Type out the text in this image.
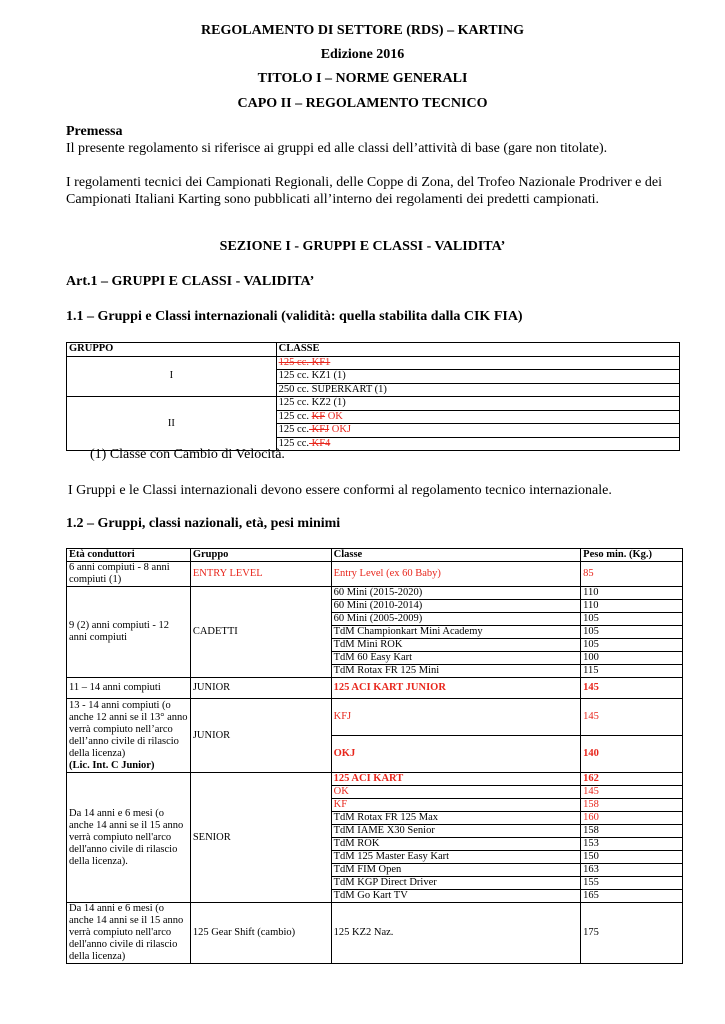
REGOLAMENTO DI SETTORE (RDS) – KARTING
Edizione 2016
TITOLO I – NORME GENERALI
CAPO II – REGOLAMENTO TECNICO
Premessa
Il presente regolamento si riferisce ai gruppi ed alle classi dell’attività di base (gare non titolate).
I regolamenti tecnici dei Campionati Regionali, delle Coppe di Zona, del Trofeo Nazionale Prodriver e dei
Campionati Italiani Karting sono pubblicati all’interno dei regolamenti dei predetti campionati.
SEZIONE I - GRUPPI E CLASSI - VALIDITA’
Art.1 – GRUPPI E CLASSI - VALIDITA’
1.1 – Gruppi e Classi internazionali (validità: quella stabilita dalla CIK FIA)
GRUPPO	CLASSE
I	125 cc. KF1
	125 cc. KZ1 (1)
	250 cc. SUPERKART (1)
II	125 cc. KZ2 (1)
	125 cc. KF OK
	125 cc. KFJ OKJ
	125 cc. KF4
(1) Classe con Cambio di Velocità.
I Gruppi e le Classi internazionali devono essere conformi al regolamento tecnico internazionale.
1.2 – Gruppi, classi nazionali, età, pesi minimi
Età conduttori	Gruppo	Classe	Peso min. (Kg.)
6 anni compiuti - 8 anni compiuti (1)	ENTRY LEVEL	Entry Level (ex 60 Baby)	85
9 (2) anni compiuti - 12 anni compiuti	CADETTI	60 Mini (2015-2020)	110
		60 Mini (2010-2014)	110
		60 Mini (2005-2009)	105
		TdM Championkart Mini Academy	105
		TdM Mini ROK	105
		TdM 60 Easy Kart	100
		TdM Rotax FR 125 Mini	115
11 – 14 anni compiuti	JUNIOR	125 ACI KART JUNIOR	145
13 - 14 anni compiuti (o anche 12 anni se il 13° anno verrà compiuto nell’arco dell’anno civile di rilascio della licenza)
(Lic. Int. C Junior)	JUNIOR	KFJ	145
		OKJ	140
Da 14 anni e 6 mesi (o anche 14 anni se il 15 anno verrà compiuto nell'arco dell'anno civile di rilascio della licenza).	SENIOR	125 ACI KART	162
		OK	145
		KF	158
		TdM Rotax FR 125 Max	160
		TdM IAME X30 Senior	158
		TdM ROK	153
		TdM 125 Master Easy Kart	150
		TdM FIM Open	163
		TdM KGP Direct Driver	155
		TdM Go Kart TV	165
Da 14 anni e 6 mesi (o anche 14 anni se il 15 anno verrà compiuto nell'arco dell'anno civile di rilascio della licenza)	125 Gear Shift (cambio)	125 KZ2 Naz.	175
